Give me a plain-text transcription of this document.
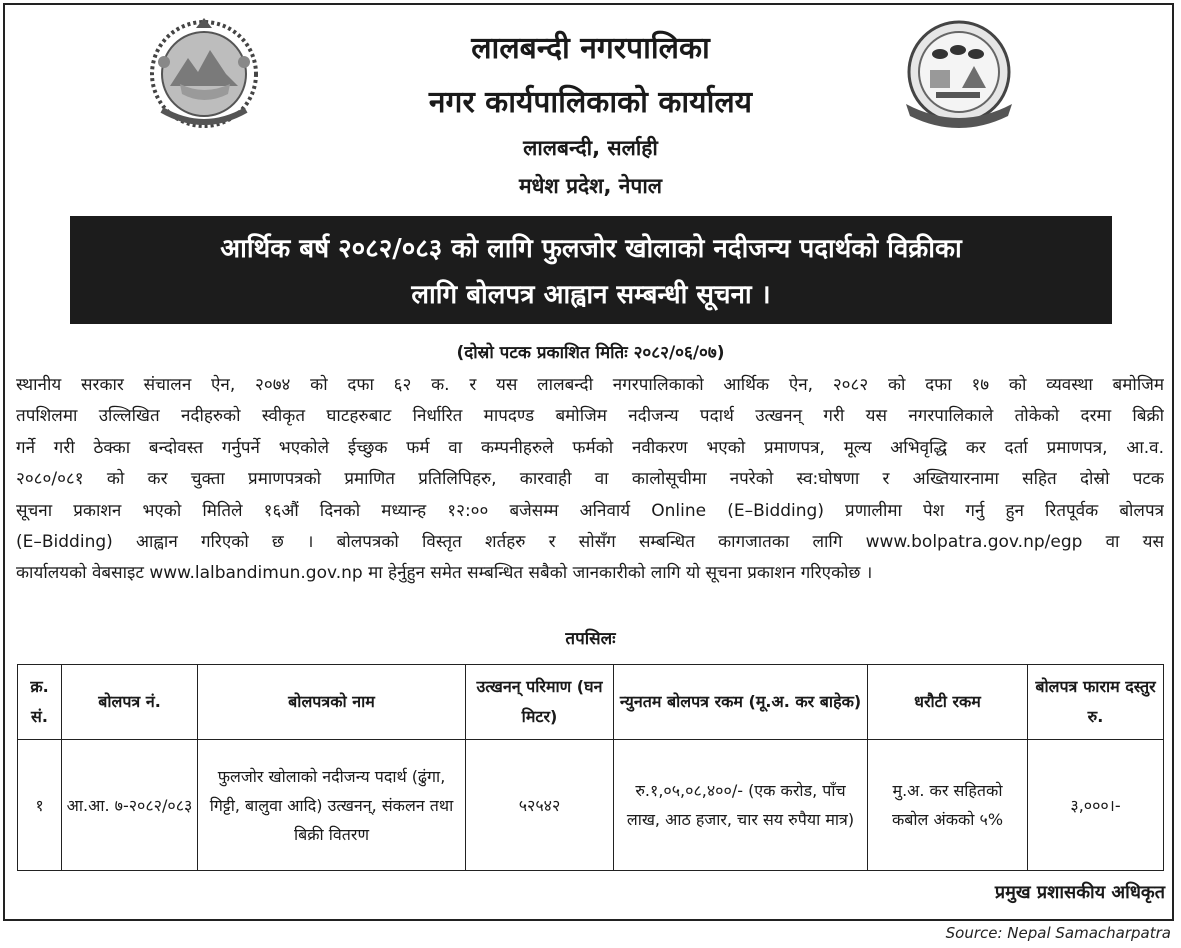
लालबन्दी नगरपालिका
नगर कार्यपालिकाको कार्यालय
लालबन्दी, सर्लाही
मधेश प्रदेश, नेपाल
आर्थिक बर्ष २०८२/०८३ को लागि फुलजोर खोलाको नदीजन्य पदार्थको विक्रीका
लागि बोलपत्र आह्वान सम्बन्धी सूचना ।
(दोस्रो पटक प्रकाशित मितिः २०८२/०६/०७)
स्थानीय सरकार संचालन ऐन, २०७४ को दफा ६२ क. र यस लालबन्दी नगरपालिकाको आर्थिक ऐन, २०८२ को दफा १७ को व्यवस्था बमोजिम
तपशिलमा उल्लिखित नदीहरुको स्वीकृत घाटहरुबाट निर्धारित मापदण्ड बमोजिम नदीजन्य पदार्थ उत्खनन् गरी यस नगरपालिकाले तोकेको दरमा बिक्री
गर्ने गरी ठेक्का बन्दोवस्त गर्नुपर्ने भएकोले ईच्छुक फर्म वा कम्पनीहरुले फर्मको नवीकरण भएको प्रमाणपत्र, मूल्य अभिवृद्धि कर दर्ता प्रमाणपत्र, आ.व.
२०८०/०८१ को कर चुक्ता प्रमाणपत्रको प्रमाणित प्रतिलिपिहरु, कारवाही वा कालोसूचीमा नपरेको स्व:घोषणा र अख्तियारनामा सहित दोस्रो पटक
सूचना प्रकाशन भएको मितिले १६औं दिनको मध्यान्ह १२:०० बजेसम्म अनिवार्य Online (E–Bidding) प्रणालीमा पेश गर्नु हुन रितपूर्वक बोलपत्र
(E–Bidding) आह्वान गरिएको छ । बोलपत्रको विस्तृत शर्तहरु र सोसँग सम्बन्धित कागजातका लागि www.bolpatra.gov.np/egp वा यस
कार्यालयको वेबसाइट www.lalbandimun.gov.np मा हेर्नुहुन समेत सम्बन्धित सबैको जानकारीको लागि यो सूचना प्रकाशन गरिएकोछ ।
तपसिलः
क्र. सं.	बोलपत्र नं.	बोलपत्रको नाम	उत्खनन् परिमाण (घन मिटर)	न्युनतम बोलपत्र रकम (मू.अ. कर बाहेक)	धरौटी रकम	बोलपत्र फाराम दस्तुर रु.
१	आ.आ. ७-२०८२/०८३	फुलजोर खोलाको नदीजन्य पदार्थ (ढुंगा, गिट्टी, बालुवा आदि) उत्खनन्, संकलन तथा बिक्री वितरण	५२५४२	रु.१,०५,०८,४००/- (एक करोड, पाँच लाख, आठ हजार, चार सय रुपैया मात्र)	मु.अ. कर सहितको कबोल अंकको ५%	३,०००।-
प्रमुख प्रशासकीय अधिकृत
Source: Nepal Samacharpatra
